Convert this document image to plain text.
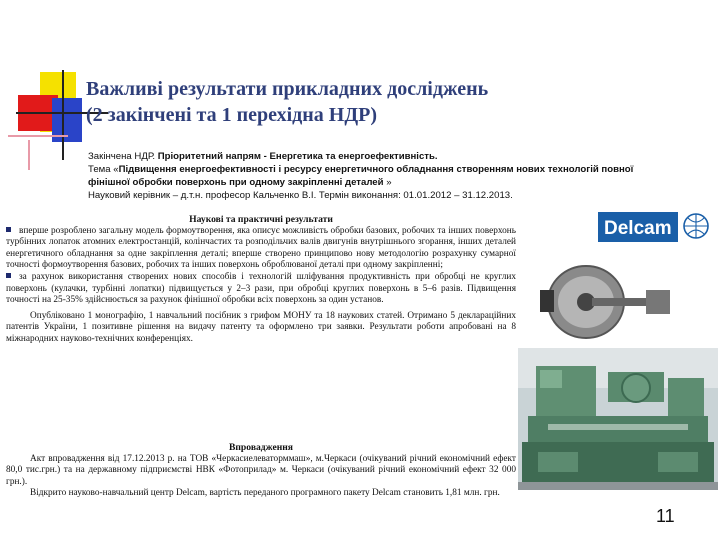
Важливі результати прикладних досліджень
(2 закінчені та 1 перехідна НДР)
Закінчена НДР. Пріоритетний напрям - Енергетика та енергоефективність.
Тема «Підвищення енергоефективності і ресурсу енергетичного обладнання створенням нових технологій повної фінішної обробки поверхонь при одному закріпленні деталей »
Науковий керівник – д.т.н. професор Кальченко В.І. Термін виконання: 01.01.2012 – 31.12.2013.
Наукові та практичні результати
вперше розроблено загальну модель формоутворення, яка описує можливість обробки базових, робочих та інших поверхонь турбінних лопаток атомних електростанцій, колінчастих та розподільчих валів двигунів внутрішнього згорання, інших деталей енергетичного обладнання за одне закріплення деталі; вперше створено принципово нову методологію розрахунку сумарної точності формоутворення базових, робочих та інших поверхонь оброблюваної деталі при одному закріпленні;
за рахунок використання створених нових способів і технологій шліфування продуктивність при обробці не круглих поверхонь (кулачки, турбінні лопатки) підвищується у 2–3 рази, при обробці круглих поверхонь в 5–6 разів. Підвищення точності на 25-35% здійснюється за рахунок фінішної обробки всіх поверхонь за один установ.
Опубліковано 1 монографію, 1 навчальний посібник з грифом МОНУ та 18 наукових статей. Отримано 5 деклараційних патентів України, 1 позитивне рішення на видачу патенту та оформлено три заявки. Результати роботи апробовані на 8 міжнародних науково-технічних конференціях.
Впровадження
Акт впровадження від 17.12.2013 р. на ТОВ «Черкасиелеваторммаш», м.Черкаси (очікуваний річний економічний ефект 80,0 тис.грн.) та на державному підприємстві НВК «Фотоприлад» м. Черкаси (очікуваний річний економічний ефект 32 000 грн.).
Відкрито науково-навчальний центр Delcam, вартість переданого програмного пакету Delcam становить 1,81 млн. грн.
Delcam
11
